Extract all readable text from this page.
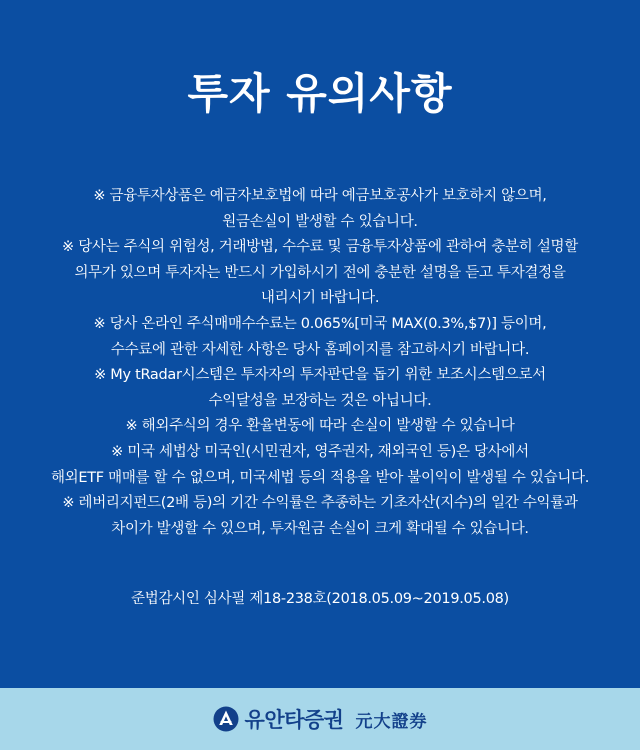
투자 유의사항
※ 금융투자상품은 예금자보호법에 따라 예금보호공사가 보호하지 않으며,
원금손실이 발생할 수 있습니다.
※ 당사는 주식의 위험성, 거래방법, 수수료 및 금융투자상품에 관하여 충분히 설명할
의무가 있으며 투자자는 반드시 가입하시기 전에 충분한 설명을 듣고 투자결정을
내리시기 바랍니다.
※ 당사 온라인 주식매매수수료는 0.065%[미국 MAX(0.3%,$7)] 등이며,
수수료에 관한 자세한 사항은 당사 홈페이지를 참고하시기 바랍니다.
※ My tRadar시스템은 투자자의 투자판단을 돕기 위한 보조시스템으로서
수익달성을 보장하는 것은 아닙니다.
※ 해외주식의 경우 환율변동에 따라 손실이 발생할 수 있습니다
※ 미국 세법상 미국인(시민권자, 영주권자, 재외국인 등)은 당사에서
해외ETF 매매를 할 수 없으며, 미국세법 등의 적용을 받아 불이익이 발생될 수 있습니다.
※ 레버리지펀드(2배 등)의 기간 수익률은 추종하는 기초자산(지수)의 일간 수익률과
차이가 발생할 수 있으며, 투자원금 손실이 크게 확대될 수 있습니다.
준법감시인 심사필 제18-238호(2018.05.09~2019.05.08)
유안타증권 元大證券
